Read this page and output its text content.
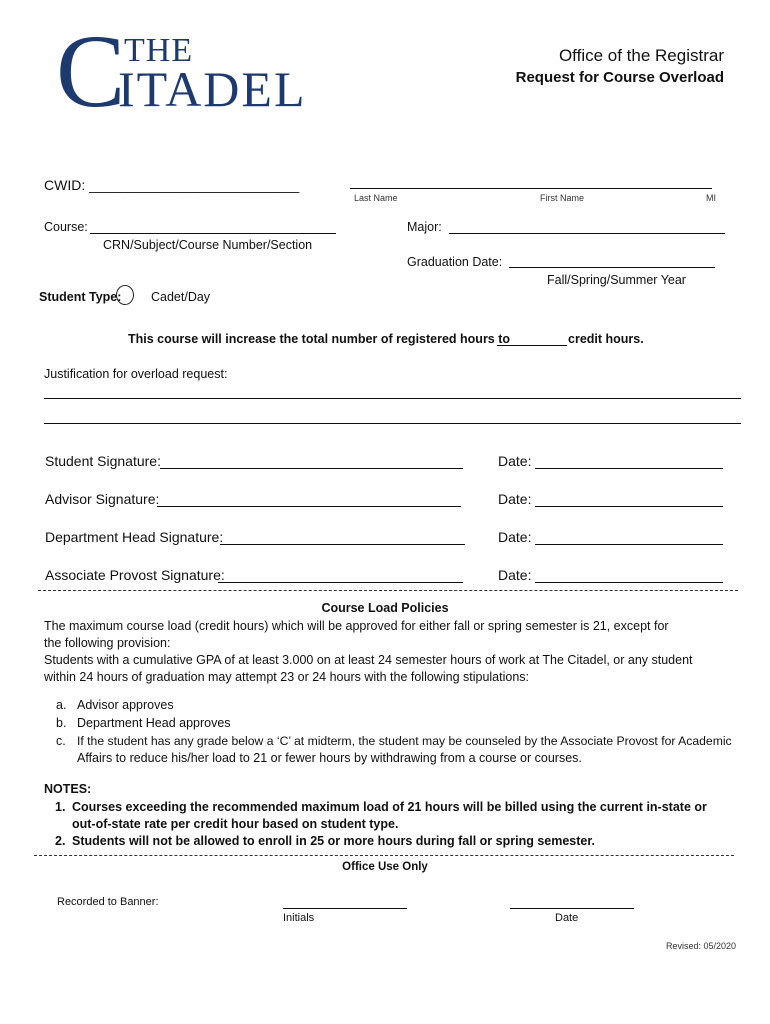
C
THE
ITADEL
Office of the Registrar
Request for Course Overload
CWID: ___________________________
Last Name	First Name	MI
Course:
CRN/Subject/Course Number/Section
Major:
Graduation Date:
Fall/Spring/Summer Year
Student Type: Cadet/Day
This course will increase the total number of registered hours to	credit hours.
Justification for overload request:
Student Signature:	Date:
Advisor Signature:	Date:
Department Head Signature:	Date:
Associate Provost Signature:	Date:
Course Load Policies
The maximum course load (credit hours) which will be approved for either fall or spring semester is 21, except for
the following provision:
Students with a cumulative GPA of at least 3.000 on at least 24 semester hours of work at The Citadel, or any student
within 24 hours of graduation may attempt 23 or 24 hours with the following stipulations:
a. Advisor approves
b. Department Head approves
c. If the student has any grade below a ‘C’ at midterm, the student may be counseled by the Associate Provost for Academic
Affairs to reduce his/her load to 21 or fewer hours by withdrawing from a course or courses.
NOTES:
1. Courses exceeding the recommended maximum load of 21 hours will be billed using the current in-state or
out-of-state rate per credit hour based on student type.
2. Students will not be allowed to enroll in 25 or more hours during fall or spring semester.
Office Use Only
Recorded to Banner:
Initials	Date
Revised: 05/2020
